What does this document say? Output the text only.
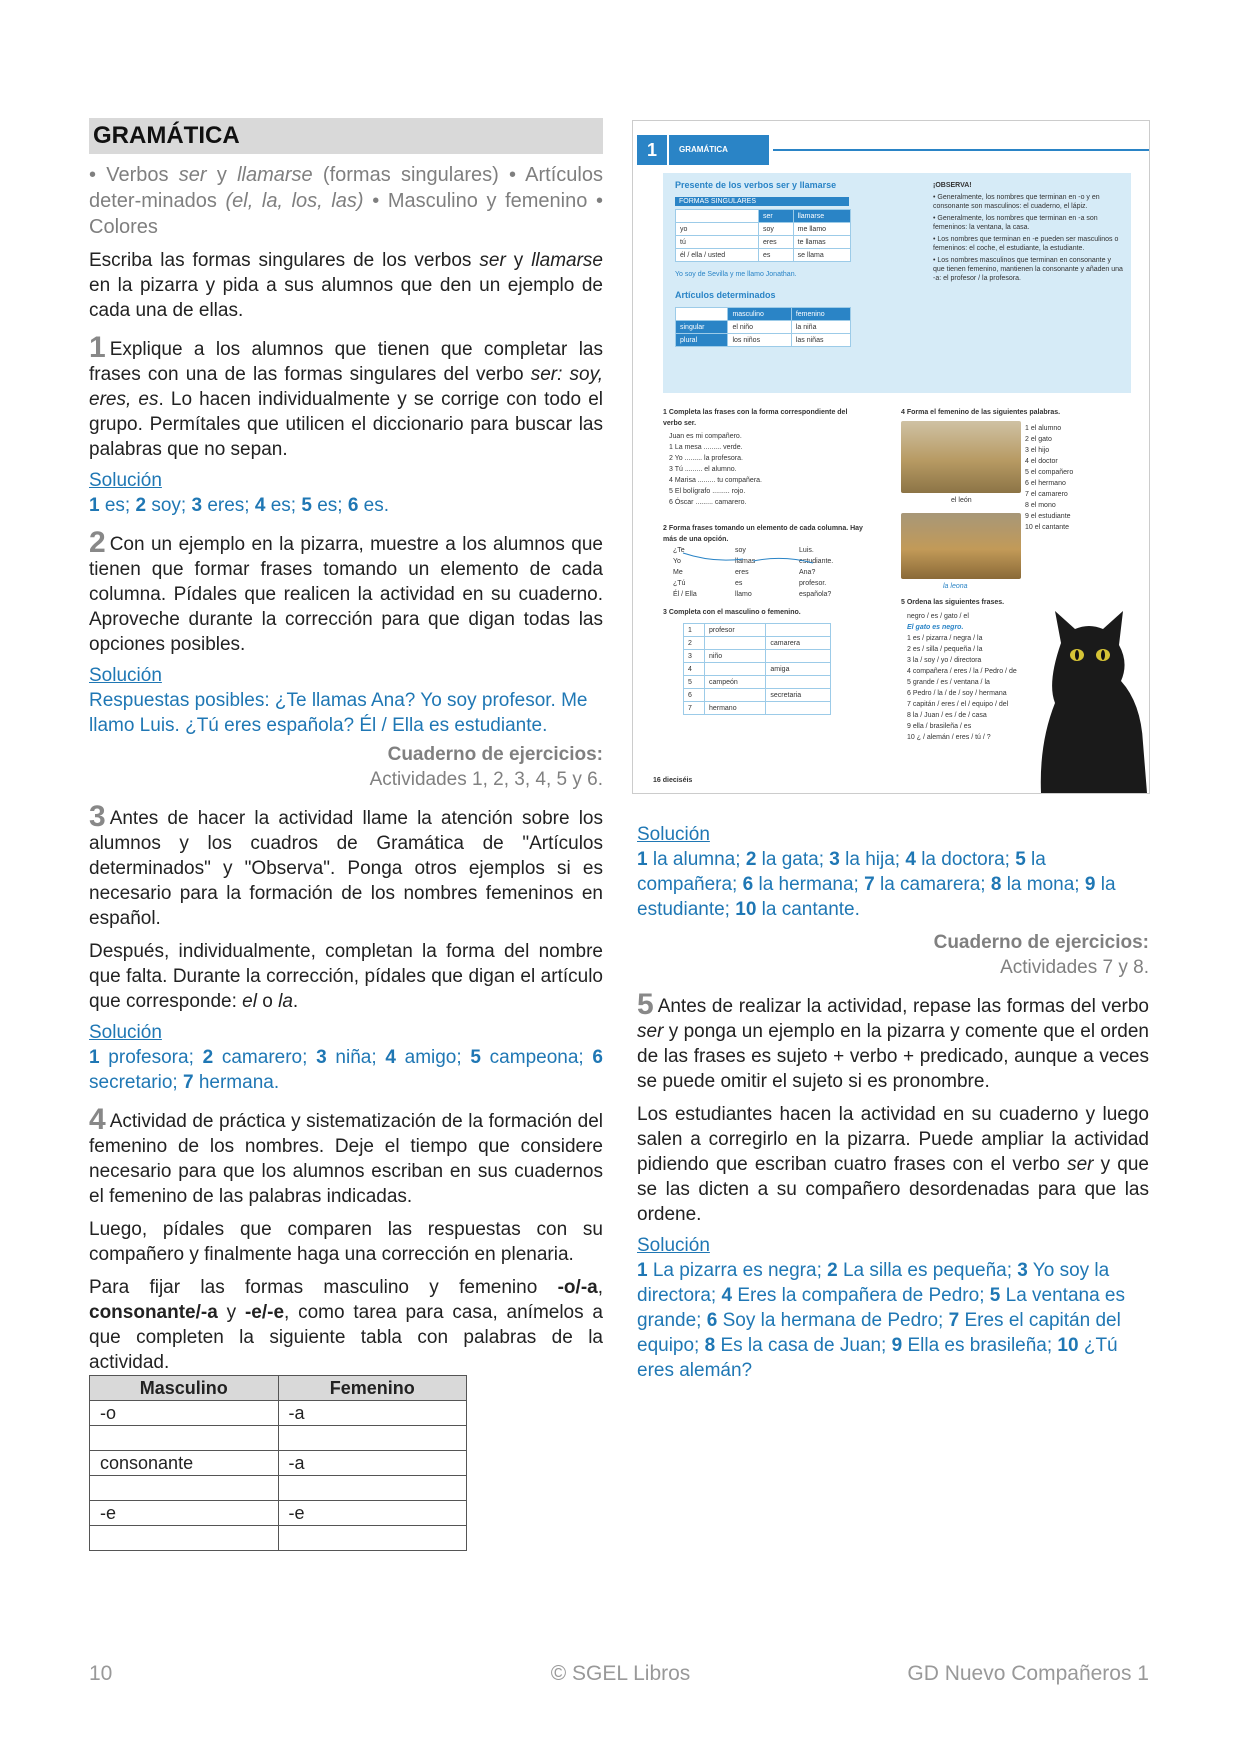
GRAMÁTICA

• Verbos ser y llamarse (formas singulares) • Artículos deter-minados (el, la, los, las) • Masculino y femenino • Colores

Escriba las formas singulares de los verbos ser y llamarse en la pizarra y pida a sus alumnos que den un ejemplo de cada una de ellas.

1 Explique a los alumnos que tienen que completar las frases con una de las formas singulares del verbo ser: soy, eres, es. Lo hacen individualmente y se corrige con todo el grupo. Permítales que utilicen el diccionario para buscar las palabras que no sepan.

Solución

1 es; 2 soy; 3 eres; 4 es; 5 es; 6 es.

2 Con un ejemplo en la pizarra, muestre a los alumnos que tienen que formar frases tomando un elemento de cada columna. Pídales que realicen la actividad en su cuaderno. Aproveche durante la corrección para que digan todas las opciones posibles.

Solución

Respuestas posibles: ¿Te llamas Ana? Yo soy profesor. Me llamo Luis. ¿Tú eres española? Él / Ella es estudiante.

Cuaderno de ejercicios:

Actividades 1, 2, 3, 4, 5 y 6.

3 Antes de hacer la actividad llame la atención sobre los alumnos y los cuadros de Gramática de "Artículos determinados" y "Observa". Ponga otros ejemplos si es necesario para la formación de los nombres femeninos en español.

Después, individualmente, completan la forma del nombre que falta. Durante la corrección, pídales que digan el artículo que corresponde: el o la.

Solución

1 profesora; 2 camarero; 3 niña; 4 amigo; 5 campeona; 6 secretario; 7 hermana.

4 Actividad de práctica y sistematización de la formación del femenino de los nombres. Deje el tiempo que considere necesario para que los alumnos escriban en sus cuadernos el femenino de las palabras indicadas.

Luego, pídales que comparen las respuestas con su compañero y finalmente haga una corrección en plenaria.

Para fijar las formas masculino y femenino -o/-a, consonante/-a y -e/-e, como tarea para casa, anímelos a que completen la siguiente tabla con palabras de la actividad.

Masculino	Femenino
-o	-a

consonante	-a

-e	-e

1	GRAMÁTICA
Presente de los verbos ser y llamarse
FORMAS SINGULARES
	ser	llamarse
yo	soy	me llamo
tú	eres	te llamas
él / ella / usted	es	se llama
Yo soy de Sevilla y me llamo Jonathan.
Artículos determinados
	masculino	femenino
singular	el niño	la niña
plural	los niños	las niñas
¡OBSERVA!
• Generalmente, los nombres que terminan en -o y en consonante son masculinos: el cuaderno, el lápiz.
• Generalmente, los nombres que terminan en -a son femeninos: la ventana, la casa.
• Los nombres que terminan en -e pueden ser masculinos o femeninos: el coche, el estudiante, la estudiante.
• Los nombres masculinos que terminan en consonante y que tienen femenino, mantienen la consonante y añaden una -a: el profesor / la profesora.
1 Completa las frases con la forma correspondiente del verbo ser.
Juan es mi compañero.
1 La mesa ......... verde.
2 Yo ......... la profesora.
3 Tú ......... el alumno.
4 Marisa ......... tu compañera.
5 El bolígrafo ......... rojo.
6 Óscar ......... camarero.
2 Forma frases tomando un elemento de cada columna. Hay más de una opción.
¿Te
Yo
Me
¿Tú
Él / Ella
soy
llamas
eres
es
llamo
Luis.
estudiante.
Ana?
profesor.
española?
3 Completa con el masculino o femenino.
1	profesor	
2		camarera
3	niño	
4		amiga
5	campeón	
6		secretaria
7	hermano	
4 Forma el femenino de las siguientes palabras.
el león
la leona
1 el alumno
2 el gato
3 el hijo
4 el doctor
5 el compañero
6 el hermano
7 el camarero
8 el mono
9 el estudiante
10 el cantante
5 Ordena las siguientes frases.
negro / es / gato / el
El gato es negro.
1 es / pizarra / negra / la
2 es / silla / pequeña / la
3 la / soy / yo / directora
4 compañera / eres / la / Pedro / de
5 grande / es / ventana / la
6 Pedro / la / de / soy / hermana
7 capitán / eres / el / equipo / del
8 la / Juan / es / de / casa
9 ella / brasileña / es
10 ¿ / alemán / eres / tú / ?
16 dieciséis

Solución

1 la alumna; 2 la gata; 3 la hija; 4 la doctora; 5 la compañera; 6 la hermana; 7 la camarera; 8 la mona; 9 la estudiante; 10 la cantante.

Cuaderno de ejercicios:

Actividades 7 y 8.

5 Antes de realizar la actividad, repase las formas del verbo ser y ponga un ejemplo en la pizarra y comente que el orden de las frases es sujeto + verbo + predicado, aunque a veces se puede omitir el sujeto si es pronombre.

Los estudiantes hacen la actividad en su cuaderno y luego salen a corregirlo en la pizarra. Puede ampliar la actividad pidiendo que escriban cuatro frases con el verbo ser y que se las dicten a su compañero desordenadas para que las ordene.

Solución

1 La pizarra es negra; 2 La silla es pequeña; 3 Yo soy la directora; 4 Eres la compañera de Pedro; 5 La ventana es grande; 6 Soy la hermana de Pedro; 7 Eres el capitán del equipo; 8 Es la casa de Juan; 9 Ella es brasileña; 10 ¿Tú eres alemán?

10	© SGEL Libros	GD Nuevo Compañeros 1
